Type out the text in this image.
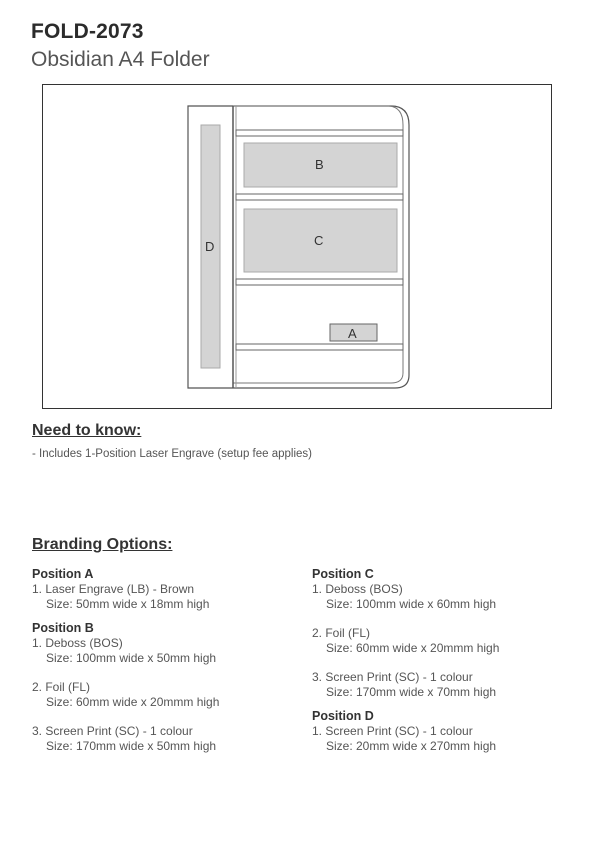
FOLD-2073
Obsidian A4 Folder
B
C
D
A
Need to know:
- Includes 1-Position Laser Engrave (setup fee applies)
Branding Options:
Position A
1. Laser Engrave (LB) - Brown
Size: 50mm wide x 18mm high
Position B
1. Deboss (BOS)
Size: 100mm wide x 50mm high
2. Foil (FL)
Size: 60mm wide x 20mmm high
3. Screen Print (SC) - 1 colour
Size: 170mm wide x 50mm high
Position C
1. Deboss (BOS)
Size: 100mm wide x 60mm high
2. Foil (FL)
Size: 60mm wide x 20mmm high
3. Screen Print (SC) - 1 colour
Size: 170mm wide x 70mm high
Position D
1. Screen Print (SC) - 1 colour
Size: 20mm wide x 270mm high
